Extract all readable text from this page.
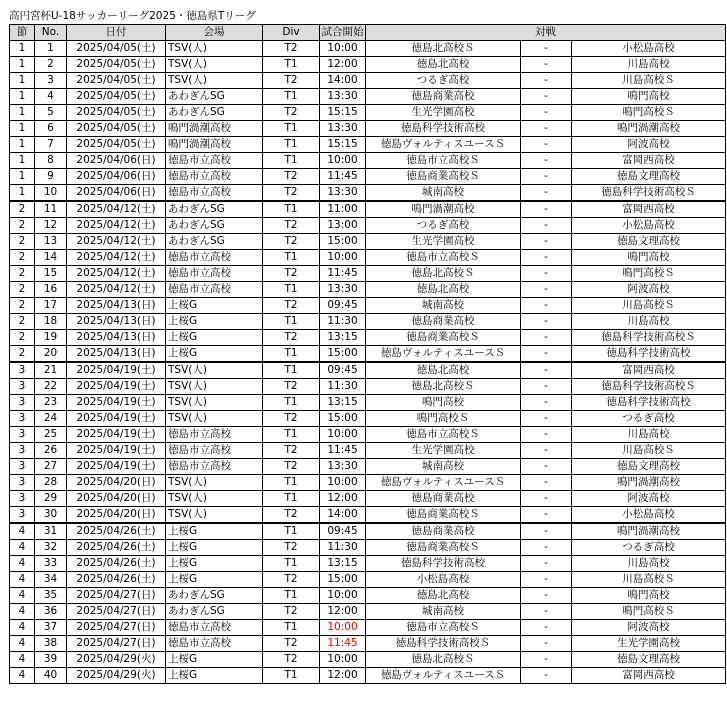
高円宮杯U-18サッカーリーグ2025・徳島県Tリーグ
節	No.	日付	会場	Div	試合開始	対戦		
1	1	2025/04/05(土)	TSV(人)	T2	10:00	徳島北高校Ｓ	-	小松島高校
1	2	2025/04/05(土)	TSV(人)	T1	12:00	徳島北高校	-	川島高校
1	3	2025/04/05(土)	TSV(人)	T2	14:00	つるぎ高校	-	川島高校Ｓ
1	4	2025/04/05(土)	あわぎんSG	T1	13:30	徳島商業高校	-	鳴門高校
1	5	2025/04/05(土)	あわぎんSG	T2	15:15	生光学園高校	-	鳴門高校Ｓ
1	6	2025/04/05(土)	鳴門渦潮高校	T1	13:30	徳島科学技術高校	-	鳴門渦潮高校
1	7	2025/04/05(土)	鳴門渦潮高校	T1	15:15	徳島ヴォルティスユースＳ	-	阿波高校
1	8	2025/04/06(日)	徳島市立高校	T1	10:00	徳島市立高校Ｓ	-	富岡西高校
1	9	2025/04/06(日)	徳島市立高校	T2	11:45	徳島商業高校Ｓ	-	徳島文理高校
1	10	2025/04/06(日)	徳島市立高校	T2	13:30	城南高校	-	徳島科学技術高校Ｓ
2	11	2025/04/12(土)	あわぎんSG	T1	11:00	鳴門渦潮高校	-	富岡西高校
2	12	2025/04/12(土)	あわぎんSG	T2	13:00	つるぎ高校	-	小松島高校
2	13	2025/04/12(土)	あわぎんSG	T2	15:00	生光学園高校	-	徳島文理高校
2	14	2025/04/12(土)	徳島市立高校	T1	10:00	徳島市立高校Ｓ	-	鳴門高校
2	15	2025/04/12(土)	徳島市立高校	T2	11:45	徳島北高校Ｓ	-	鳴門高校Ｓ
2	16	2025/04/12(土)	徳島市立高校	T1	13:30	徳島北高校	-	阿波高校
2	17	2025/04/13(日)	上桜G	T2	09:45	城南高校	-	川島高校Ｓ
2	18	2025/04/13(日)	上桜G	T1	11:30	徳島商業高校	-	川島高校
2	19	2025/04/13(日)	上桜G	T2	13:15	徳島商業高校Ｓ	-	徳島科学技術高校Ｓ
2	20	2025/04/13(日)	上桜G	T1	15:00	徳島ヴォルティスユースＳ	-	徳島科学技術高校
3	21	2025/04/19(土)	TSV(人)	T1	09:45	徳島北高校	-	富岡西高校
3	22	2025/04/19(土)	TSV(人)	T2	11:30	徳島北高校Ｓ	-	徳島科学技術高校Ｓ
3	23	2025/04/19(土)	TSV(人)	T1	13:15	鳴門高校	-	徳島科学技術高校
3	24	2025/04/19(土)	TSV(人)	T2	15:00	鳴門高校Ｓ	-	つるぎ高校
3	25	2025/04/19(土)	徳島市立高校	T1	10:00	徳島市立高校Ｓ	-	川島高校
3	26	2025/04/19(土)	徳島市立高校	T2	11:45	生光学園高校	-	川島高校Ｓ
3	27	2025/04/19(土)	徳島市立高校	T2	13:30	城南高校	-	徳島文理高校
3	28	2025/04/20(日)	TSV(人)	T1	10:00	徳島ヴォルティスユースＳ	-	鳴門渦潮高校
3	29	2025/04/20(日)	TSV(人)	T1	12:00	徳島商業高校	-	阿波高校
3	30	2025/04/20(日)	TSV(人)	T2	14:00	徳島商業高校Ｓ	-	小松島高校
4	31	2025/04/26(土)	上桜G	T1	09:45	徳島商業高校	-	鳴門渦潮高校
4	32	2025/04/26(土)	上桜G	T2	11:30	徳島商業高校Ｓ	-	つるぎ高校
4	33	2025/04/26(土)	上桜G	T1	13:15	徳島科学技術高校	-	川島高校
4	34	2025/04/26(土)	上桜G	T2	15:00	小松島高校	-	川島高校Ｓ
4	35	2025/04/27(日)	あわぎんSG	T1	10:00	徳島北高校	-	鳴門高校
4	36	2025/04/27(日)	あわぎんSG	T2	12:00	城南高校	-	鳴門高校Ｓ
4	37	2025/04/27(日)	徳島市立高校	T1	10:00	徳島市立高校Ｓ	-	阿波高校
4	38	2025/04/27(日)	徳島市立高校	T2	11:45	徳島科学技術高校Ｓ	-	生光学園高校
4	39	2025/04/29(火)	上桜G	T2	10:00	徳島北高校Ｓ	-	徳島文理高校
4	40	2025/04/29(火)	上桜G	T1	12:00	徳島ヴォルティスユースＳ	-	富岡西高校
